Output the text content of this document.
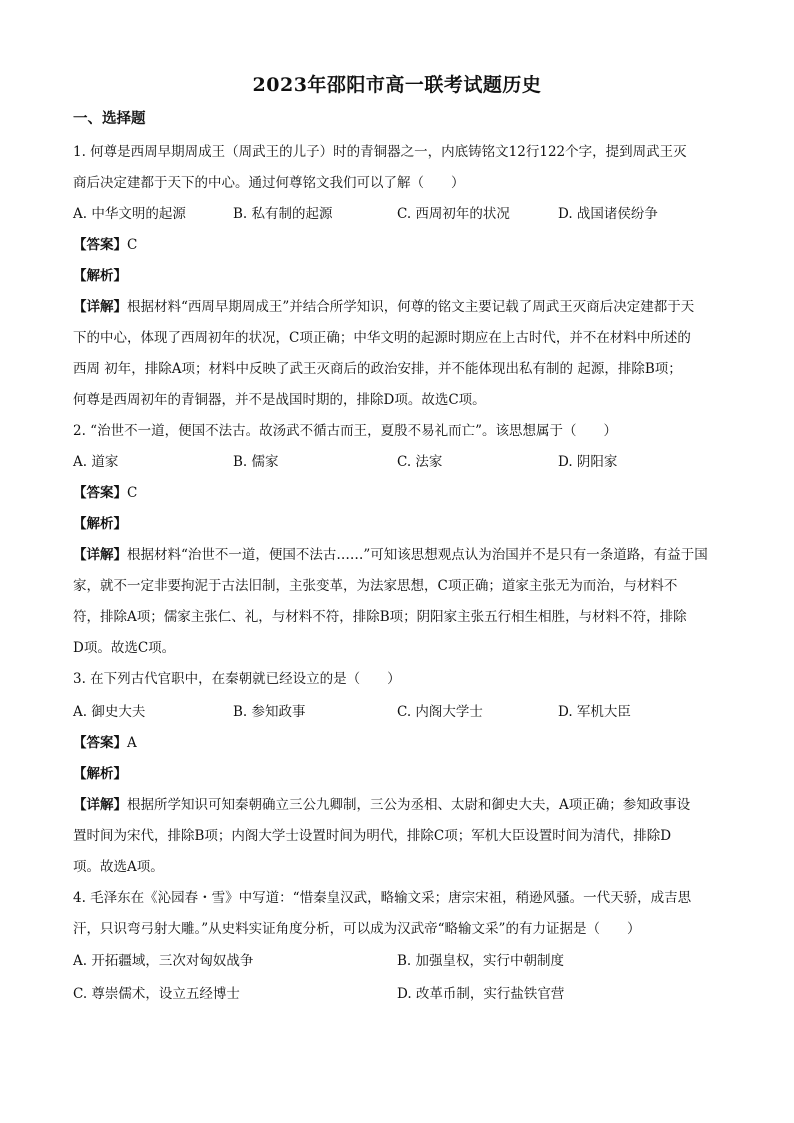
2023年邵阳市高一联考试题历史
一、选择题
1. 何尊是西周早期周成王（周武王的儿子）时的青铜器之一，内底铸铭文12行122个字，提到周武王灭
商后决定建都于天下的中心。通过何尊铭文我们可以了解（　　）
A. 中华文明的起源	B. 私有制的起源	C. 西周初年的状况	D. 战国诸侯纷争
【答案】C
【解析】
【详解】根据材料“西周早期周成王”并结合所学知识，何尊的铭文主要记载了周武王灭商后决定建都于天
下的中心，体现了西周初年的状况，C项正确；中华文明的起源时期应在上古时代，并不在材料中所述的
西周 初年，排除A项；材料中反映了武王灭商后的政治安排，并不能体现出私有制的 起源，排除B项；
何尊是西周初年的青铜器，并不是战国时期的，排除D项。故选C项。
2. “治世不一道，便国不法古。故汤武不循古而王，夏殷不易礼而亡”。该思想属于（　　）
A. 道家	B. 儒家	C. 法家	D. 阴阳家
【答案】C
【解析】
【详解】根据材料“治世不一道，便国不法古……”可知该思想观点认为治国并不是只有一条道路，有益于国
家，就不一定非要拘泥于古法旧制，主张变革，为法家思想，C项正确；道家主张无为而治，与材料不
符，排除A项；儒家主张仁、礼，与材料不符，排除B项；阴阳家主张五行相生相胜，与材料不符，排除
D项。故选C项。
3. 在下列古代官职中，在秦朝就已经设立的是（　　）
A. 御史大夫	B. 参知政事	C. 内阁大学士	D. 军机大臣
【答案】A
【解析】
【详解】根据所学知识可知秦朝确立三公九卿制，三公为丞相、太尉和御史大夫，A项正确；参知政事设
置时间为宋代，排除B项；内阁大学士设置时间为明代，排除C项；军机大臣设置时间为清代，排除D
项。故选A项。
4. 毛泽东在《沁园春・雪》中写道：“惜秦皇汉武，略输文采；唐宗宋祖，稍逊风骚。一代天骄，成吉思
汗，只识弯弓射大雕。”从史料实证角度分析，可以成为汉武帝“略输文采”的有力证据是（　　）
A. 开拓疆域，三次对匈奴战争	B. 加强皇权，实行中朝制度
C. 尊崇儒术，设立五经博士	D. 改革币制，实行盐铁官营
